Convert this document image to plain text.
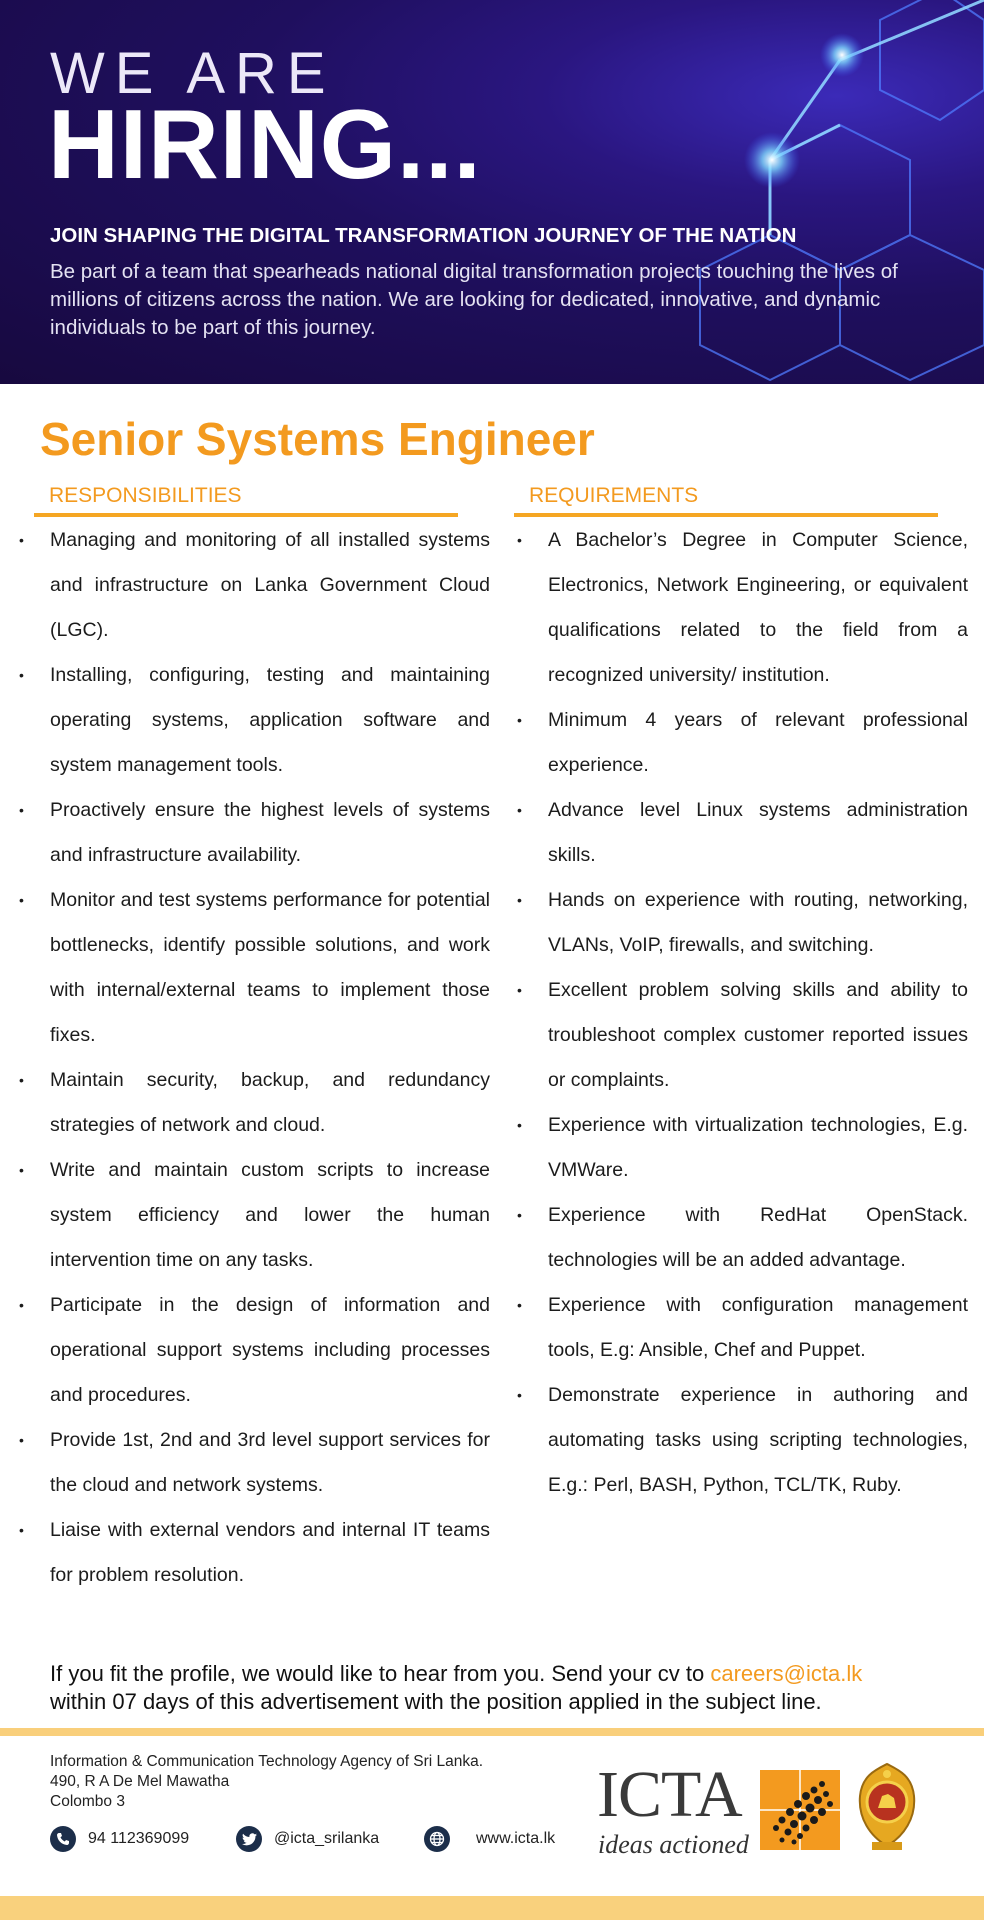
WE ARE
HIRING...
JOIN SHAPING THE DIGITAL TRANSFORMATION JOURNEY OF THE NATION
Be part of a team that spearheads national digital transformation projects touching the lives of millions of citizens across the nation. We are looking for dedicated, innovative, and dynamic individuals to be part of this journey.
Senior Systems Engineer
RESPONSIBILITIES
• Managing and monitoring of all installed systems and infrastructure on Lanka Government Cloud (LGC).
• Installing, configuring, testing and maintaining operating systems, application software and system management tools.
• Proactively ensure the highest levels of systems and infrastructure availability.
• Monitor and test systems performance for potential bottlenecks, identify possible solutions, and work with internal/external teams to implement those fixes.
• Maintain security, backup, and redundancy strategies of network and cloud.
• Write and maintain custom scripts to increase system efficiency and lower the human intervention time on any tasks.
• Participate in the design of information and operational support systems including processes and procedures.
• Provide 1st, 2nd and 3rd level support services for the cloud and network systems.
• Liaise with external vendors and internal IT teams for problem resolution.
REQUIREMENTS
• A Bachelor’s Degree in Computer Science, Electronics, Network Engineering, or equivalent qualifications related to the field from a recognized university/ institution.
• Minimum 4 years of relevant professional experience.
• Advance level Linux systems administration skills.
• Hands on experience with routing, networking, VLANs, VoIP, firewalls, and switching.
• Excellent problem solving skills and ability to troubleshoot complex customer reported issues or complaints.
• Experience with virtualization technologies, E.g. VMWare.
• Experience with RedHat OpenStack. technologies will be an added advantage.
• Experience with configuration management tools, E.g: Ansible, Chef and Puppet.
• Demonstrate experience in authoring and automating tasks using scripting technologies, E.g.: Perl, BASH, Python, TCL/TK, Ruby.
If you fit the profile, we would like to hear from you. Send your cv to careers@icta.lk
within 07 days of this advertisement with the position applied in the subject line.
Information & Communication Technology Agency of Sri Lanka.
490, R A De Mel Mawatha
Colombo 3
94 112369099	@icta_srilanka	www.icta.lk
ICTA
ideas actioned
